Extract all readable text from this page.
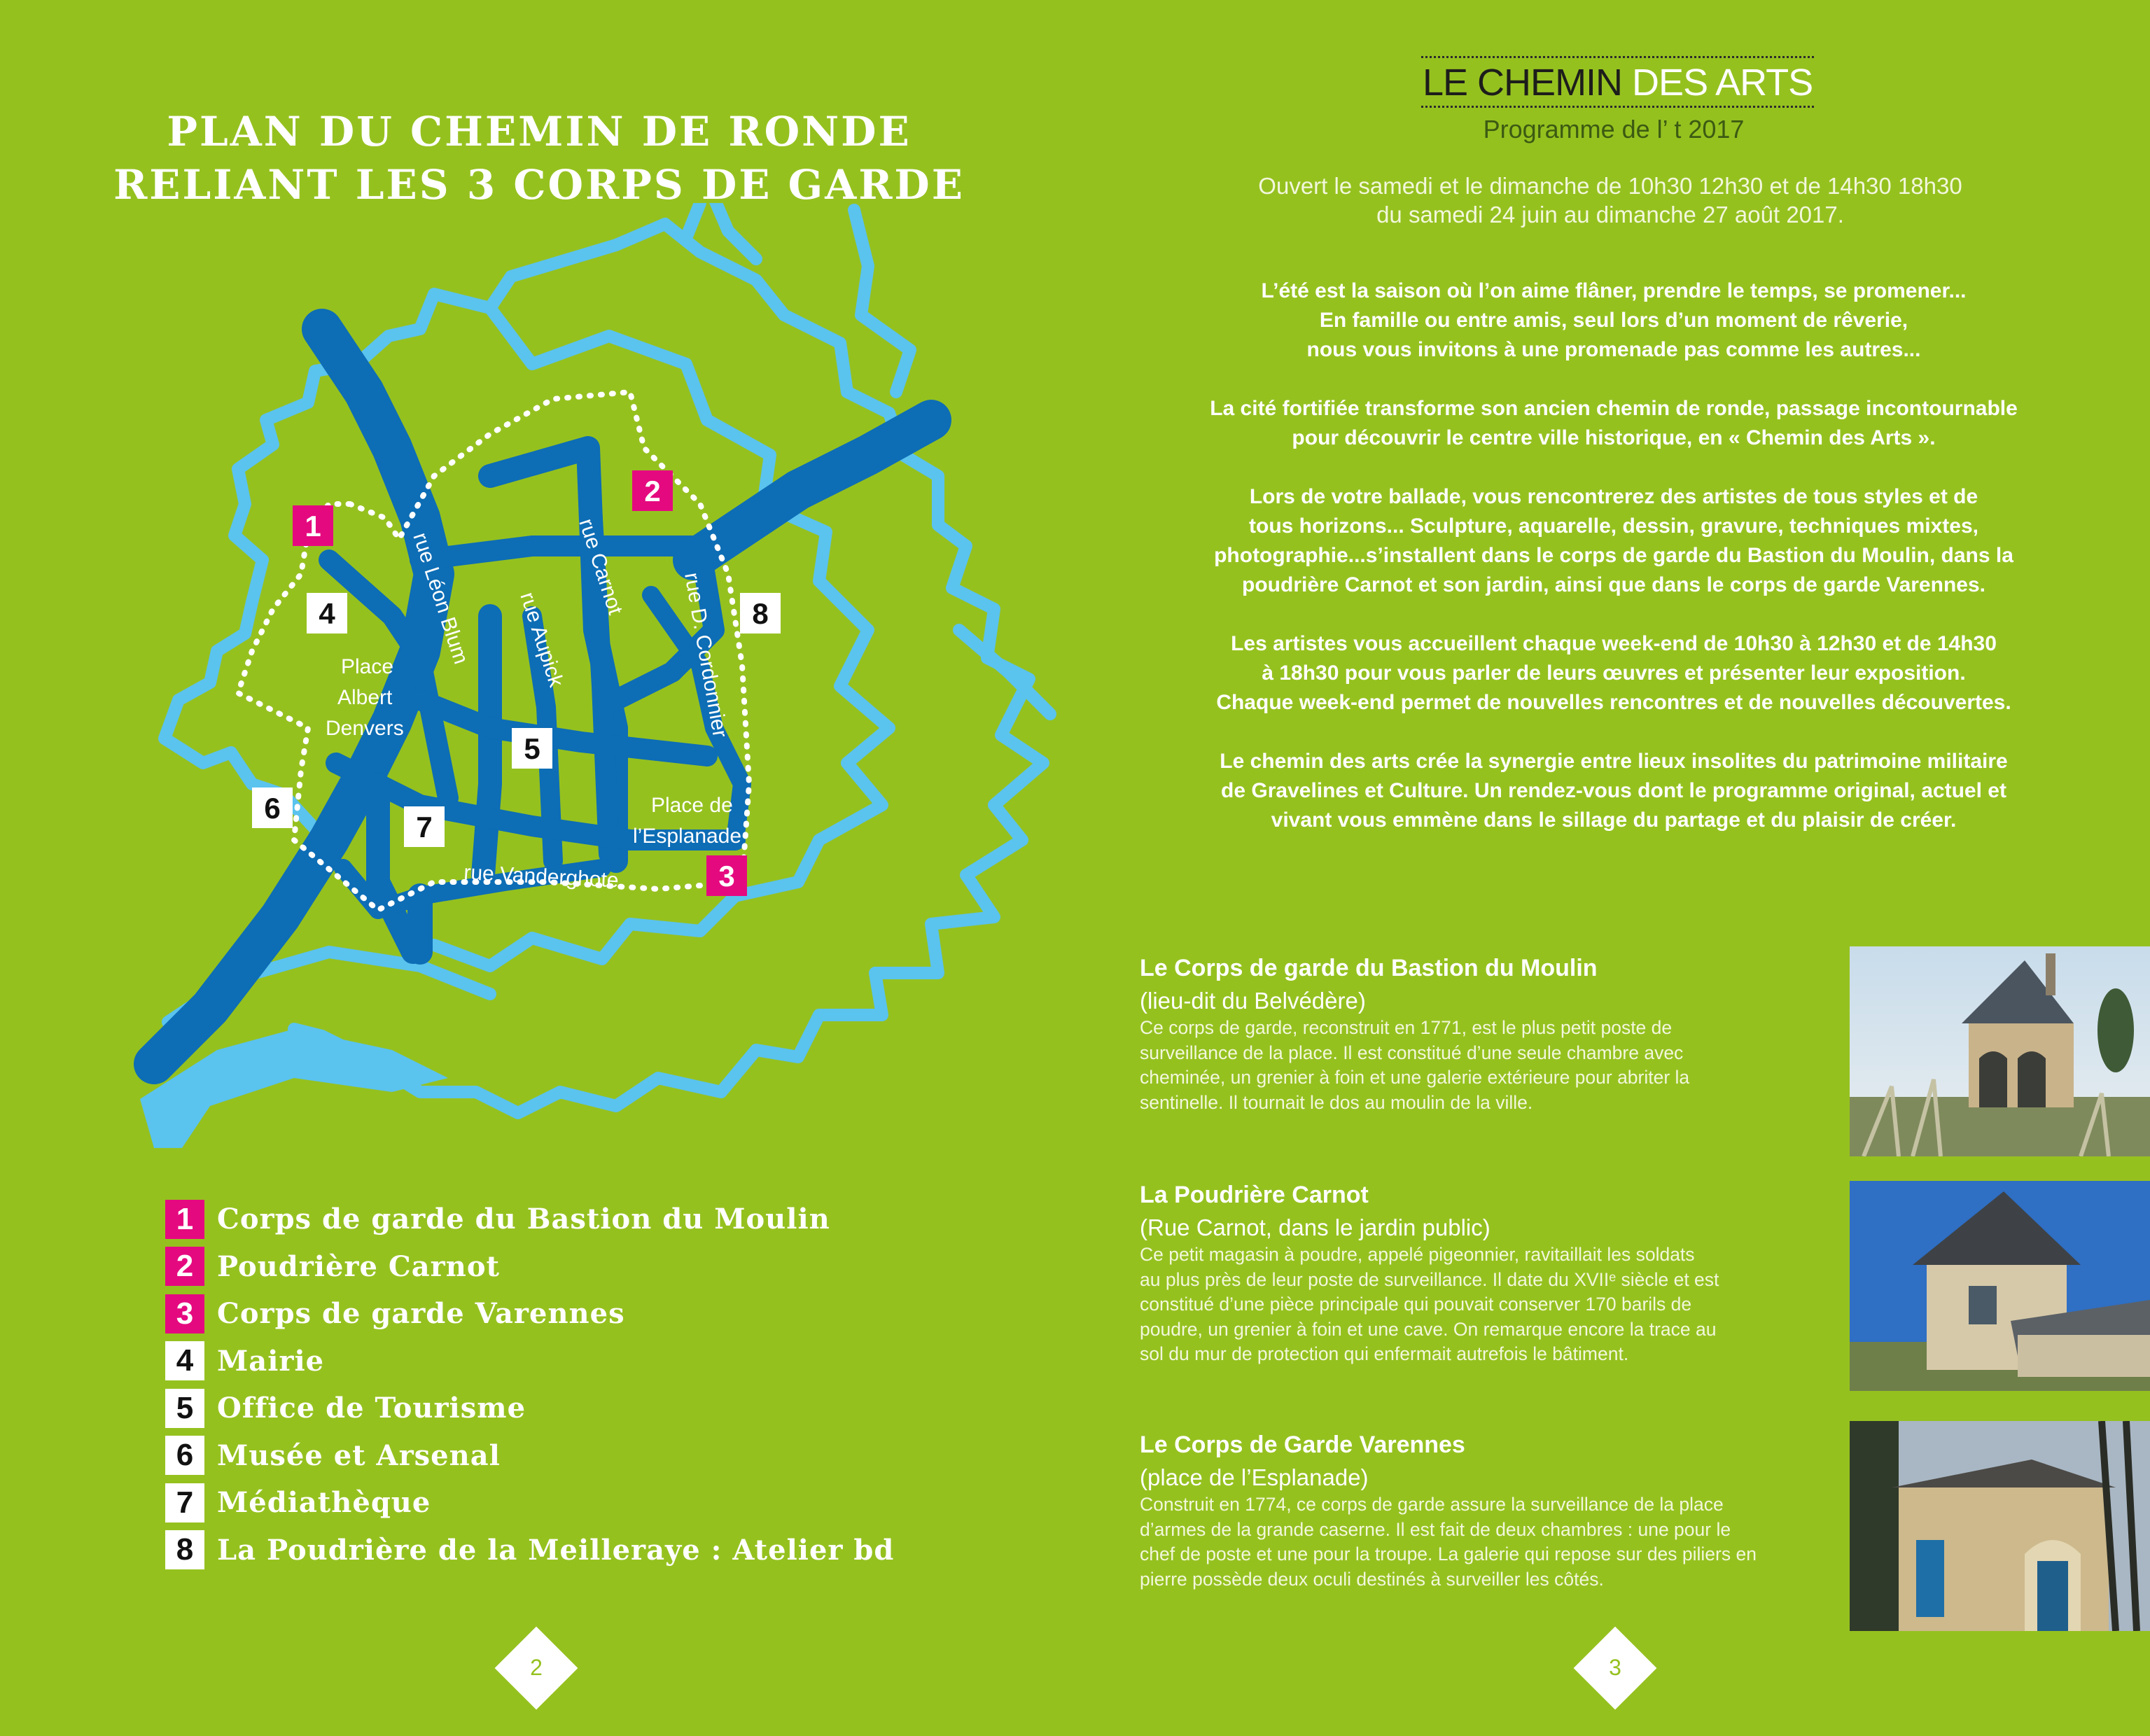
PLAN DU CHEMIN DE RONDE
RELIANT LES 3 CORPS DE GARDE
rue Léon Blum	rue Carnot
rue Aupick	rue D. Cordonnier
Place
Albert
Denvers
Place de
l’Esplanade
rue Vanderghote
1
2
3
4
5
6
7
8
1 Corps de garde du Bastion du Moulin
2 Poudrière Carnot
3 Corps de garde Varennes
4 Mairie
5 Office de Tourisme
6 Musée et Arsenal
7 Médiathèque
8 La Poudrière de la Meilleraye : Atelier bd
2
LE CHEMIN DES ARTS
Programme de l’ t 2017
Ouvert le samedi et le dimanche de 10h30 12h30 et de 14h30 18h30
du samedi 24 juin au dimanche 27 août 2017.
L’été est la saison où l’on aime flâner, prendre le temps, se promener...
En famille ou entre amis, seul lors d’un moment de rêverie,
nous vous invitons à une promenade pas comme les autres...
La cité fortifiée transforme son ancien chemin de ronde, passage incontournable
pour découvrir le centre ville historique, en « Chemin des Arts ».
Lors de votre ballade, vous rencontrerez des artistes de tous styles et de
tous horizons... Sculpture, aquarelle, dessin, gravure, techniques mixtes,
photographie...s’installent dans le corps de garde du Bastion du Moulin, dans la
poudrière Carnot et son jardin, ainsi que dans le corps de garde Varennes.
Les artistes vous accueillent chaque week-end de 10h30 à 12h30 et de 14h30
à 18h30 pour vous parler de leurs œuvres et présenter leur exposition.
Chaque week-end permet de nouvelles rencontres et de nouvelles découvertes.
Le chemin des arts crée la synergie entre lieux insolites du patrimoine militaire
de Gravelines et Culture. Un rendez-vous dont le programme original, actuel et
vivant vous emmène dans le sillage du partage et du plaisir de créer.
Le Corps de garde du Bastion du Moulin
(lieu-dit du Belvédère)
Ce corps de garde, reconstruit en 1771, est le plus petit poste de
surveillance de la place. Il est constitué d’une seule chambre avec
cheminée, un grenier à foin et une galerie extérieure pour abriter la
sentinelle. Il tournait le dos au moulin de la ville.
La Poudrière Carnot
(Rue Carnot, dans le jardin public)
Ce petit magasin à poudre, appelé pigeonnier, ravitaillait les soldats
au plus près de leur poste de surveillance. Il date du XVIIᵉ siècle et est
constitué d’une pièce principale qui pouvait conserver 170 barils de
poudre, un grenier à foin et une cave. On remarque encore la trace au
sol du mur de protection qui enfermait autrefois le bâtiment.
Le Corps de Garde Varennes
(place de l’Esplanade)
Construit en 1774, ce corps de garde assure la surveillance de la place
d’armes de la grande caserne. Il est fait de deux chambres : une pour le
chef de poste et une pour la troupe. La galerie qui repose sur des piliers en
pierre possède deux oculi destinés à surveiller les côtés.
3
